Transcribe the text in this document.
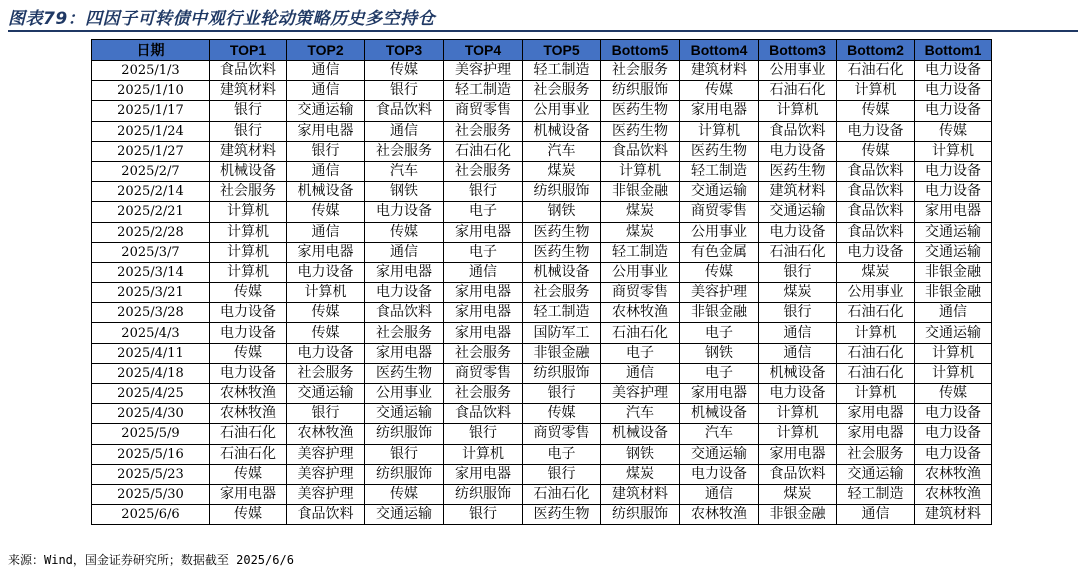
图表79：四因子可转债中观行业轮动策略历史多空持仓
日期	TOP1	TOP2	TOP3	TOP4	TOP5	Bottom5	Bottom4	Bottom3	Bottom2	Bottom1
2025/1/3	食品饮料	通信	传媒	美容护理	轻工制造	社会服务	建筑材料	公用事业	石油石化	电力设备
2025/1/10	建筑材料	通信	银行	轻工制造	社会服务	纺织服饰	传媒	石油石化	计算机	电力设备
2025/1/17	银行	交通运输	食品饮料	商贸零售	公用事业	医药生物	家用电器	计算机	传媒	电力设备
2025/1/24	银行	家用电器	通信	社会服务	机械设备	医药生物	计算机	食品饮料	电力设备	传媒
2025/1/27	建筑材料	银行	社会服务	石油石化	汽车	食品饮料	医药生物	电力设备	传媒	计算机
2025/2/7	机械设备	通信	汽车	社会服务	煤炭	计算机	轻工制造	医药生物	食品饮料	电力设备
2025/2/14	社会服务	机械设备	钢铁	银行	纺织服饰	非银金融	交通运输	建筑材料	食品饮料	电力设备
2025/2/21	计算机	传媒	电力设备	电子	钢铁	煤炭	商贸零售	交通运输	食品饮料	家用电器
2025/2/28	计算机	通信	传媒	家用电器	医药生物	煤炭	公用事业	电力设备	食品饮料	交通运输
2025/3/7	计算机	家用电器	通信	电子	医药生物	轻工制造	有色金属	石油石化	电力设备	交通运输
2025/3/14	计算机	电力设备	家用电器	通信	机械设备	公用事业	传媒	银行	煤炭	非银金融
2025/3/21	传媒	计算机	电力设备	家用电器	社会服务	商贸零售	美容护理	煤炭	公用事业	非银金融
2025/3/28	电力设备	传媒	食品饮料	家用电器	轻工制造	农林牧渔	非银金融	银行	石油石化	通信
2025/4/3	电力设备	传媒	社会服务	家用电器	国防军工	石油石化	电子	通信	计算机	交通运输
2025/4/11	传媒	电力设备	家用电器	社会服务	非银金融	电子	钢铁	通信	石油石化	计算机
2025/4/18	电力设备	社会服务	医药生物	商贸零售	纺织服饰	通信	电子	机械设备	石油石化	计算机
2025/4/25	农林牧渔	交通运输	公用事业	社会服务	银行	美容护理	家用电器	电力设备	计算机	传媒
2025/4/30	农林牧渔	银行	交通运输	食品饮料	传媒	汽车	机械设备	计算机	家用电器	电力设备
2025/5/9	石油石化	农林牧渔	纺织服饰	银行	商贸零售	机械设备	汽车	计算机	家用电器	电力设备
2025/5/16	石油石化	美容护理	银行	计算机	电子	钢铁	交通运输	家用电器	社会服务	电力设备
2025/5/23	传媒	美容护理	纺织服饰	家用电器	银行	煤炭	电力设备	食品饮料	交通运输	农林牧渔
2025/5/30	家用电器	美容护理	传媒	纺织服饰	石油石化	建筑材料	通信	煤炭	轻工制造	农林牧渔
2025/6/6	传媒	食品饮料	交通运输	银行	医药生物	纺织服饰	农林牧渔	非银金融	通信	建筑材料
来源：Wind，国金证券研究所；数据截至 2025/6/6
